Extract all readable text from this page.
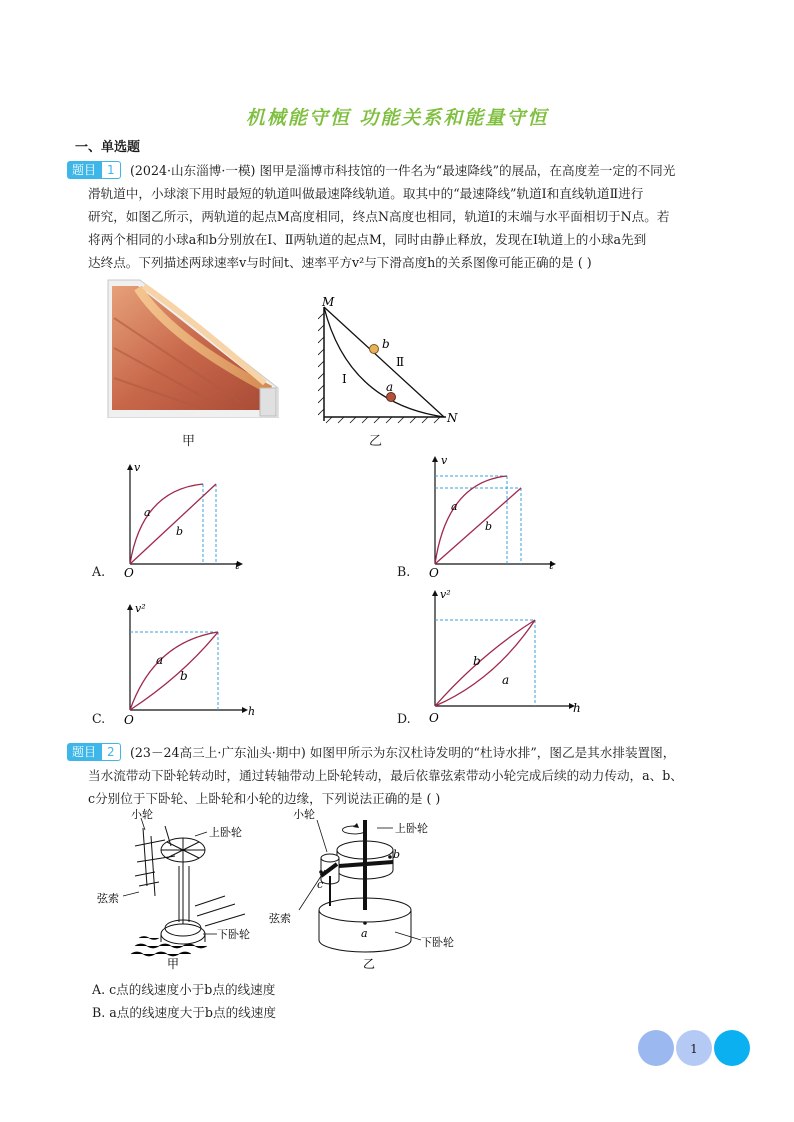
机械能守恒 功能关系和能量守恒
一、单选题
题目 1	(2024·山东淄博·一模) 图甲是淄博市科技馆的一件名为“最速降线”的展品，在高度差一定的不同光
滑轨道中，小球滚下用时最短的轨道叫做最速降线轨道。取其中的“最速降线”轨道Ⅰ和直线轨道Ⅱ进行
研究，如图乙所示，两轨道的起点M高度相同，终点N高度也相同，轨道Ⅰ的末端与水平面相切于N点。若
将两个相同的小球a和b分别放在Ⅰ、Ⅱ两轨道的起点M，同时由静止释放，发现在Ⅰ轨道上的小球a先到
达终点。下列描述两球速率v与时间t、速率平方v²与下滑高度h的关系图像可能正确的是 ( )
甲
M
N
b
a
Ⅱ
Ⅰ
乙
v
t
O
a
b
A.
v
t
O
a
b
B.
v²
h
O
a
b
C.
v²
h
O
b
a
D.
题目 2	(23－24高三上·广东汕头·期中) 如图甲所示为东汉杜诗发明的“杜诗水排”，图乙是其水排装置图，
当水流带动下卧轮转动时，通过转轴带动上卧轮转动，最后依靠弦索带动小轮完成后续的动力传动，a、b、
c分别位于下卧轮、上卧轮和小轮的边缘，下列说法正确的是 ( )
小轮
上卧轮
弦索
下卧轮
甲
小轮
上卧轮
弦索
下卧轮
b
c
a
乙
A. c点的线速度小于b点的线速度
B. a点的线速度大于b点的线速度
1
